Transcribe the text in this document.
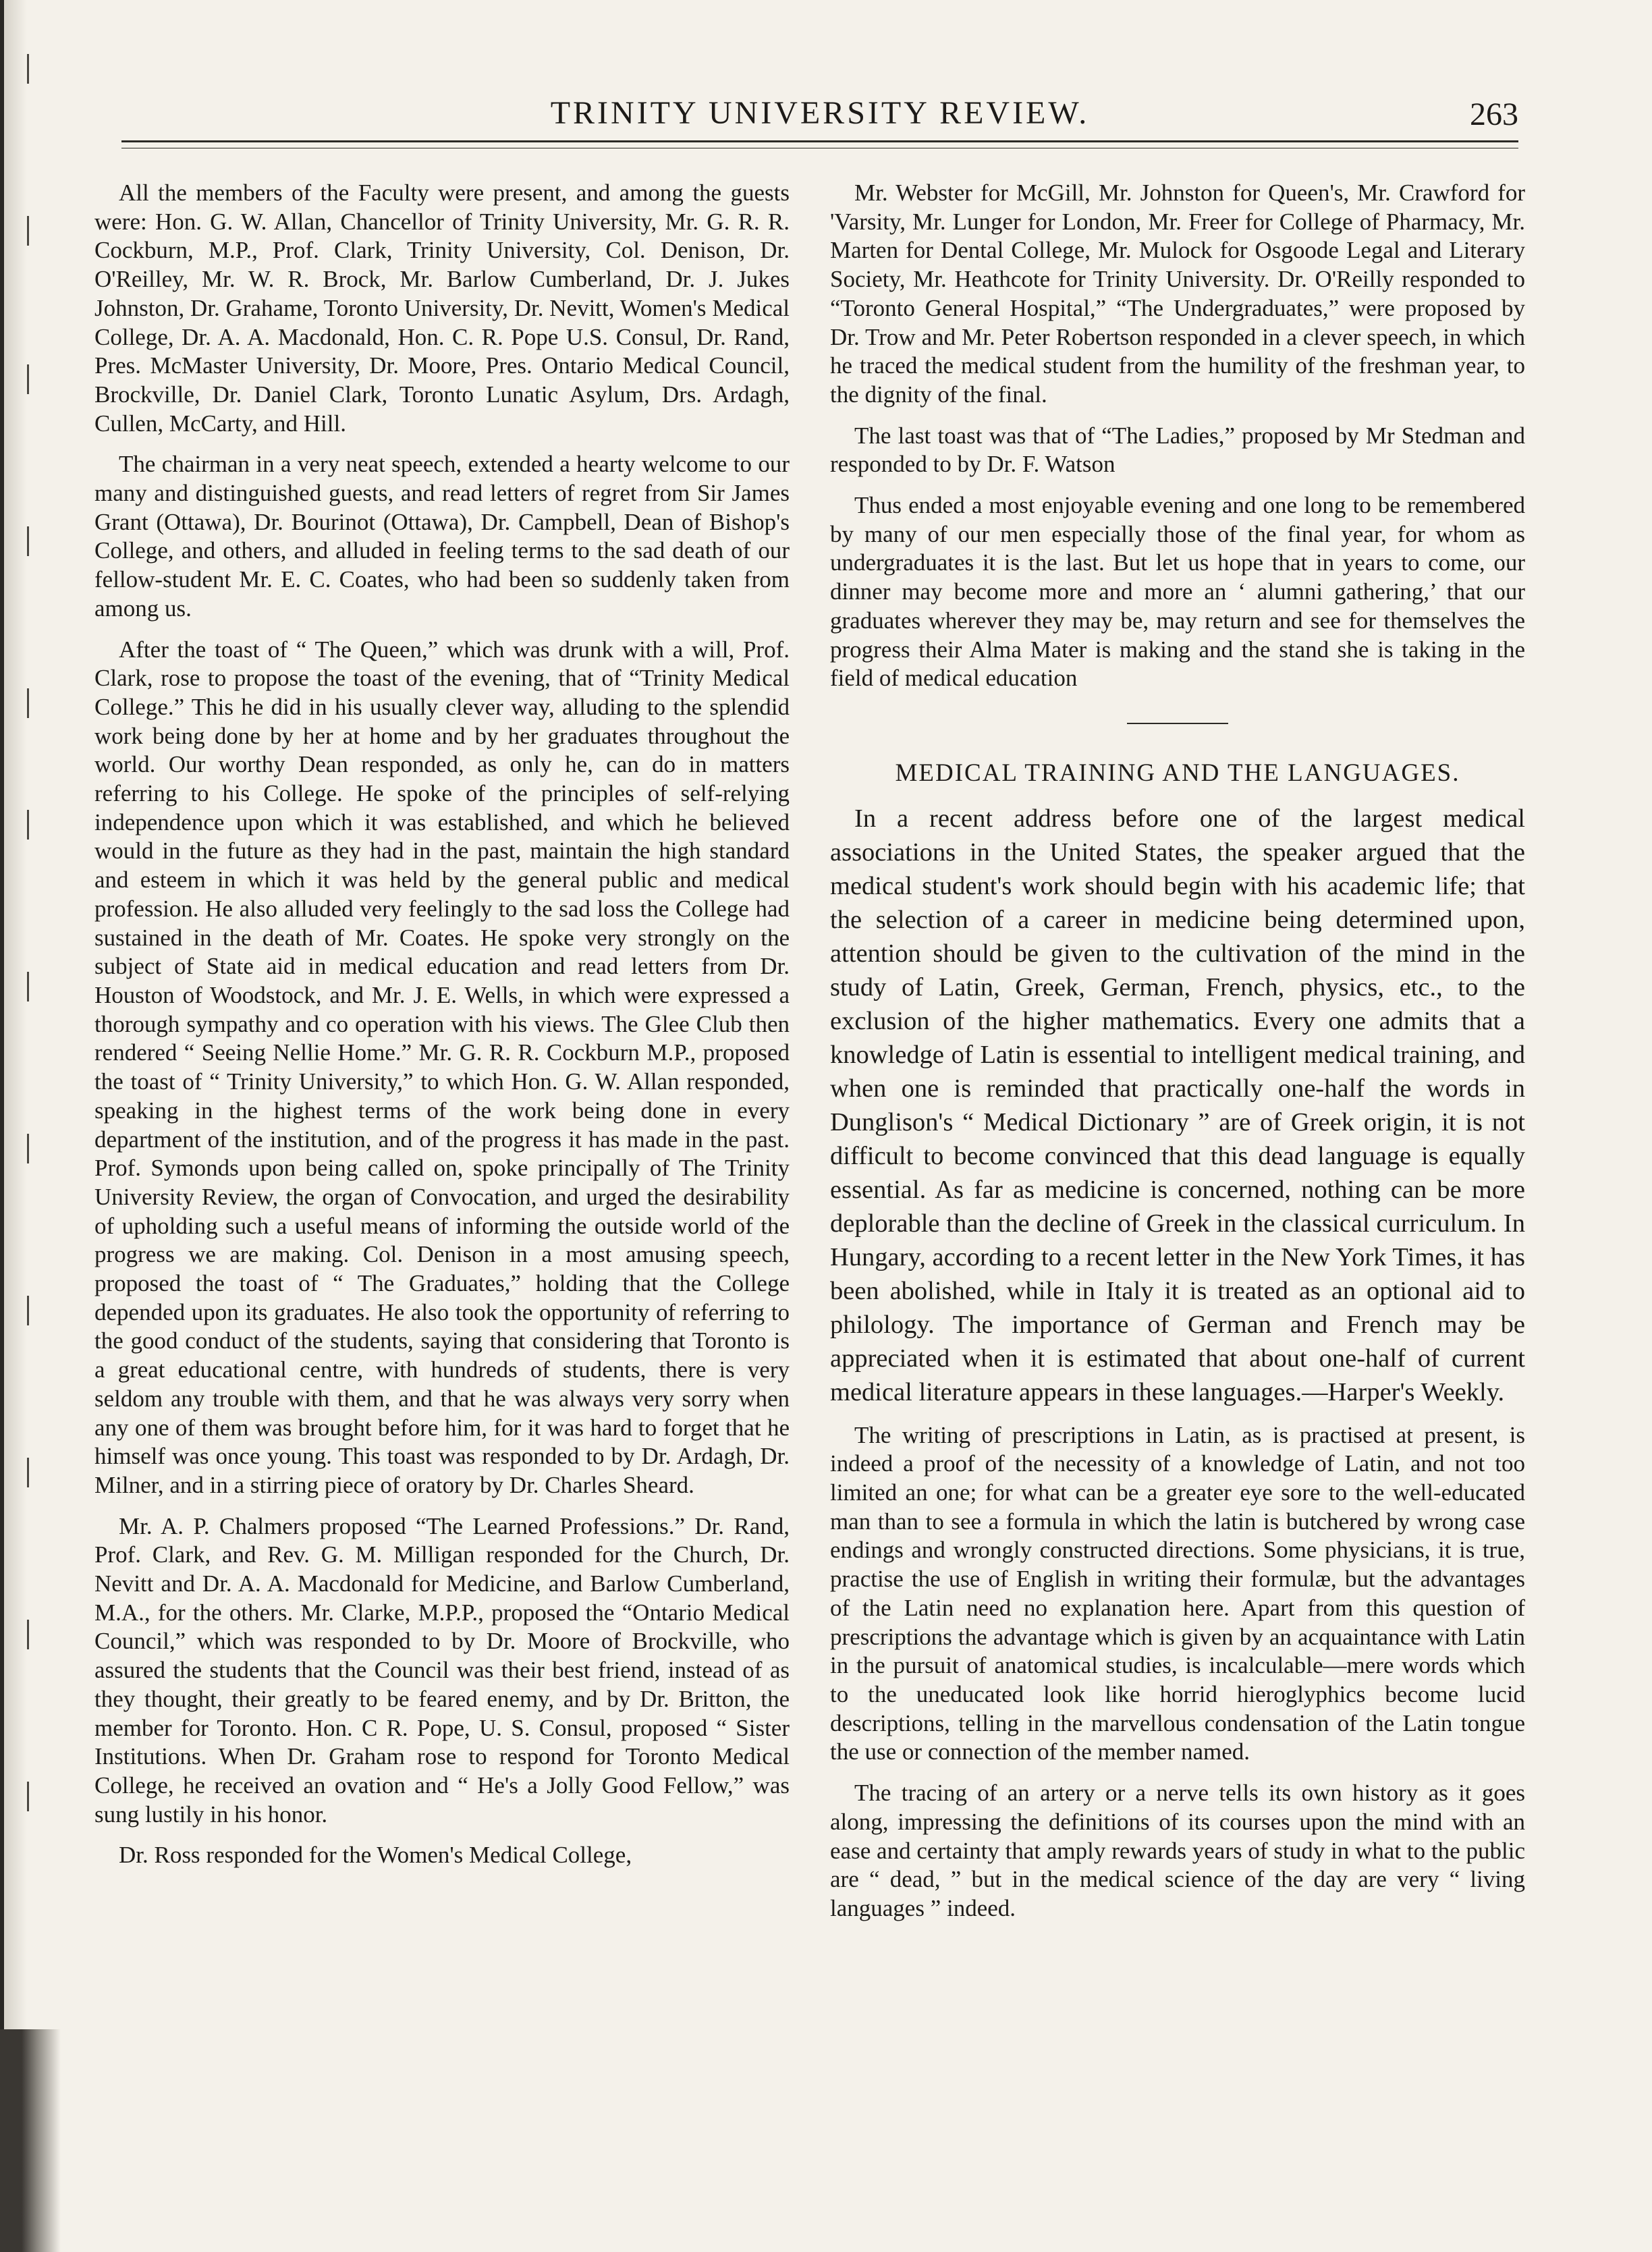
TRINITY UNIVERSITY REVIEW.	263

All the members of the Faculty were present, and among the guests were: Hon. G. W. Allan, Chancellor of Trinity University, Mr. G. R. R. Cockburn, M.P., Prof. Clark, Trinity University, Col. Denison, Dr. O'Reilley, Mr. W. R. Brock, Mr. Barlow Cumberland, Dr. J. Jukes Johnston, Dr. Grahame, Toronto University, Dr. Nevitt, Women's Medical College, Dr. A. A. Macdonald, Hon. C. R. Pope U.S. Consul, Dr. Rand, Pres. McMaster University, Dr. Moore, Pres. Ontario Medical Council, Brockville, Dr. Daniel Clark, Toronto Lunatic Asylum, Drs. Ardagh, Cullen, McCarty, and Hill.

The chairman in a very neat speech, extended a hearty welcome to our many and distinguished guests, and read letters of regret from Sir James Grant (Ottawa), Dr. Bourinot (Ottawa), Dr. Campbell, Dean of Bishop's College, and others, and alluded in feeling terms to the sad death of our fellow-student Mr. E. C. Coates, who had been so suddenly taken from among us.

After the toast of “ The Queen,” which was drunk with a will, Prof. Clark, rose to propose the toast of the evening, that of “Trinity Medical College.” This he did in his usually clever way, alluding to the splendid work being done by her at home and by her graduates throughout the world. Our worthy Dean responded, as only he, can do in matters referring to his College. He spoke of the principles of self-relying independence upon which it was established, and which he believed would in the future as they had in the past, maintain the high standard and esteem in which it was held by the general public and medical profession. He also alluded very feelingly to the sad loss the College had sustained in the death of Mr. Coates. He spoke very strongly on the subject of State aid in medical education and read letters from Dr. Houston of Woodstock, and Mr. J. E. Wells, in which were expressed a thorough sympathy and co operation with his views. The Glee Club then rendered “ Seeing Nellie Home.” Mr. G. R. R. Cockburn M.P., proposed the toast of “ Trinity University,” to which Hon. G. W. Allan responded, speaking in the highest terms of the work being done in every department of the institution, and of the progress it has made in the past. Prof. Symonds upon being called on, spoke principally of The Trinity University Review, the organ of Convocation, and urged the desirability of upholding such a useful means of informing the outside world of the progress we are making. Col. Denison in a most amusing speech, proposed the toast of “ The Graduates,” holding that the College depended upon its graduates. He also took the opportunity of referring to the good conduct of the students, saying that considering that Toronto is a great educational centre, with hundreds of students, there is very seldom any trouble with them, and that he was always very sorry when any one of them was brought before him, for it was hard to forget that he himself was once young. This toast was responded to by Dr. Ardagh, Dr. Milner, and in a stirring piece of oratory by Dr. Charles Sheard.

Mr. A. P. Chalmers proposed “The Learned Professions.” Dr. Rand, Prof. Clark, and Rev. G. M. Milligan responded for the Church, Dr. Nevitt and Dr. A. A. Macdonald for Medicine, and Barlow Cumberland, M.A., for the others. Mr. Clarke, M.P.P., proposed the “Ontario Medical Council,” which was responded to by Dr. Moore of Brockville, who assured the students that the Council was their best friend, instead of as they thought, their greatly to be feared enemy, and by Dr. Britton, the member for Toronto. Hon. C R. Pope, U. S. Consul, proposed “ Sister Institutions. When Dr. Graham rose to respond for Toronto Medical College, he received an ovation and “ He's a Jolly Good Fellow,” was sung lustily in his honor.

Dr. Ross responded for the Women's Medical College,

Mr. Webster for McGill, Mr. Johnston for Queen's, Mr. Crawford for 'Varsity, Mr. Lunger for London, Mr. Freer for College of Pharmacy, Mr. Marten for Dental College, Mr. Mulock for Osgoode Legal and Literary Society, Mr. Heathcote for Trinity University. Dr. O'Reilly responded to “Toronto General Hospital,” “The Undergraduates,” were proposed by Dr. Trow and Mr. Peter Robertson responded in a clever speech, in which he traced the medical student from the humility of the freshman year, to the dignity of the final.

The last toast was that of “The Ladies,” proposed by Mr Stedman and responded to by Dr. F. Watson

Thus ended a most enjoyable evening and one long to be remembered by many of our men especially those of the final year, for whom as undergraduates it is the last. But let us hope that in years to come, our dinner may become more and more an ‘ alumni gathering,’ that our graduates wherever they may be, may return and see for themselves the progress their Alma Mater is making and the stand she is taking in the field of medical education

MEDICAL TRAINING AND THE LANGUAGES.

In a recent address before one of the largest medical associations in the United States, the speaker argued that the medical student's work should begin with his academic life; that the selection of a career in medicine being determined upon, attention should be given to the cultivation of the mind in the study of Latin, Greek, German, French, physics, etc., to the exclusion of the higher mathematics. Every one admits that a knowledge of Latin is essential to intelligent medical training, and when one is reminded that practically one-half the words in Dunglison's “ Medical Dictionary ” are of Greek origin, it is not difficult to become convinced that this dead language is equally essential. As far as medicine is concerned, nothing can be more deplorable than the decline of Greek in the classical curriculum. In Hungary, according to a recent letter in the New York Times, it has been abolished, while in Italy it is treated as an optional aid to philology. The importance of German and French may be appreciated when it is estimated that about one-half of current medical literature appears in these languages.—Harper's Weekly.

The writing of prescriptions in Latin, as is practised at present, is indeed a proof of the necessity of a knowledge of Latin, and not too limited an one; for what can be a greater eye sore to the well-educated man than to see a formula in which the latin is butchered by wrong case endings and wrongly constructed directions. Some physicians, it is true, practise the use of English in writing their formulæ, but the advantages of the Latin need no explanation here. Apart from this question of prescriptions the advantage which is given by an acquaintance with Latin in the pursuit of anatomical studies, is incalculable—mere words which to the uneducated look like horrid hieroglyphics become lucid descriptions, telling in the marvellous condensation of the Latin tongue the use or connection of the member named.

The tracing of an artery or a nerve tells its own history as it goes along, impressing the definitions of its courses upon the mind with an ease and certainty that amply rewards years of study in what to the public are “ dead, ” but in the medical science of the day are very “ living languages ” indeed.
